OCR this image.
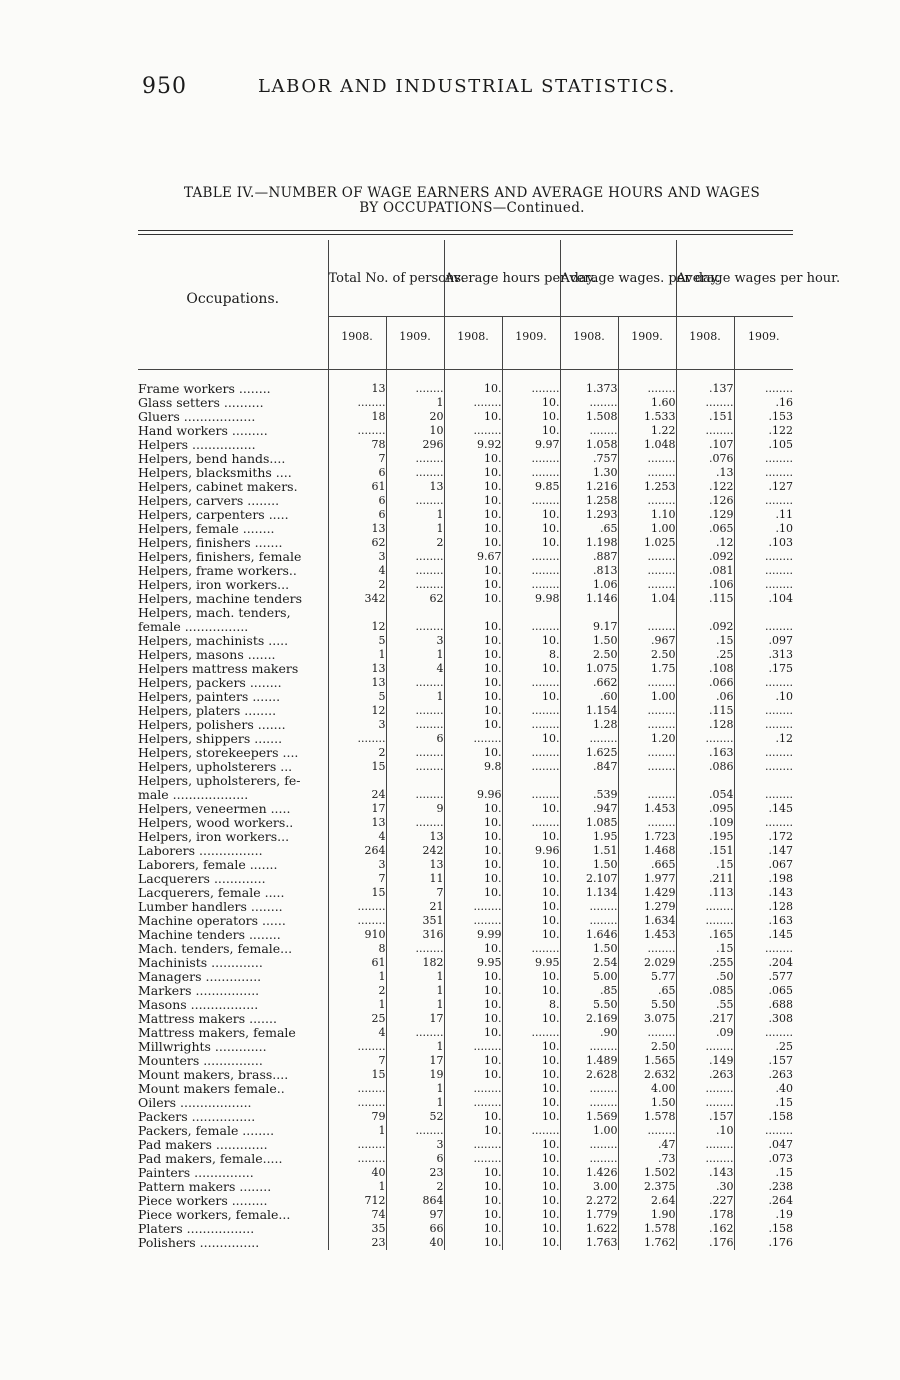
950	LABOR AND INDUSTRIAL STATISTICS.
TABLE IV.—NUMBER OF WAGE EARNERS AND AVERAGE HOURS AND WAGES
BY OCCUPATIONS—Continued.
Occupations.	Total No. of persons.		Average hours per day.		Average wages. per day.		Average wages per hour.	
	1908.	1909.	1908.	1909.	1908.	1909.	1908.	1909.

Frame workers ........	13	........	10.	........	1.373	........	.137	........
Glass setters ..........	........	1	........	10.	........	1.60	........	.16
Gluers ..................	18	20	10.	10.	1.508	1.533	.151	.153
Hand workers .........	........	10	........	10.	........	1.22	........	.122
Helpers ................	78	296	9.92	9.97	1.058	1.048	.107	.105
Helpers, bend hands....	7	........	10.	........	.757	........	.076	........
Helpers, blacksmiths ....	6	........	10.	........	1.30	........	.13	........
Helpers, cabinet makers.	61	13	10.	9.85	1.216	1.253	.122	.127
Helpers, carvers ........	6	........	10.	........	1.258	........	.126	........
Helpers, carpenters .....	6	1	10.	10.	1.293	1.10	.129	.11
Helpers, female ........	13	1	10.	10.	.65	1.00	.065	.10
Helpers, finishers .......	62	2	10.	10.	1.198	1.025	.12	.103
Helpers, finishers, female	3	........	9.67	........	.887	........	.092	........
Helpers, frame workers..	4	........	10.	........	.813	........	.081	........
Helpers, iron workers...	2	........	10.	........	1.06	........	.106	........
Helpers, machine tenders	342	62	10.	9.98	1.146	1.04	.115	.104
Helpers, mach. tenders,								
female ................	12	........	10.	........	9.17	........	.092	........
Helpers, machinists .....	5	3	10.	10.	1.50	.967	.15	.097
Helpers, masons .......	1	1	10.	8.	2.50	2.50	.25	.313
Helpers mattress makers	13	4	10.	10.	1.075	1.75	.108	.175
Helpers, packers ........	13	........	10.	........	.662	........	.066	........
Helpers, painters .......	5	1	10.	10.	.60	1.00	.06	.10
Helpers, platers ........	12	........	10.	........	1.154	........	.115	........
Helpers, polishers .......	3	........	10.	........	1.28	........	.128	........
Helpers, shippers .......	........	6	........	10.	........	1.20	........	.12
Helpers, storekeepers ....	2	........	10.	........	1.625	........	.163	........
Helpers, upholsterers ...	15	........	9.8	........	.847	........	.086	........
Helpers, upholsterers, fe-								
male ...................	24	........	9.96	........	.539	........	.054	........
Helpers, veneermen .....	17	9	10.	10.	.947	1.453	.095	.145
Helpers, wood workers..	13	........	10.	........	1.085	........	.109	........
Helpers, iron workers...	4	13	10.	10.	1.95	1.723	.195	.172
Laborers ................	264	242	10.	9.96	1.51	1.468	.151	.147
Laborers, female .......	3	13	10.	10.	1.50	.665	.15	.067
Lacquerers .............	7	11	10.	10.	2.107	1.977	.211	.198
Lacquerers, female .....	15	7	10.	10.	1.134	1.429	.113	.143
Lumber handlers ........	........	21	........	10.	........	1.279	........	.128
Machine operators ......	........	351	........	10.	........	1.634	........	.163
Machine tenders ........	910	316	9.99	10.	1.646	1.453	.165	.145
Mach. tenders, female...	8	........	10.	........	1.50	........	.15	........
Machinists .............	61	182	9.95	9.95	2.54	2.029	.255	.204
Managers ..............	1	1	10.	10.	5.00	5.77	.50	.577
Markers ................	2	1	10.	10.	.85	.65	.085	.065
Masons .................	1	1	10.	8.	5.50	5.50	.55	.688
Mattress makers .......	25	17	10.	10.	2.169	3.075	.217	.308
Mattress makers, female	4	........	10.	........	.90	........	.09	........
Millwrights .............	........	1	........	10.	........	2.50	........	.25
Mounters ...............	7	17	10.	10.	1.489	1.565	.149	.157
Mount makers, brass....	15	19	10.	10.	2.628	2.632	.263	.263
Mount makers female..	........	1	........	10.	........	4.00	........	.40
Oilers ..................	........	1	........	10.	........	1.50	........	.15
Packers ................	79	52	10.	10.	1.569	1.578	.157	.158
Packers, female ........	1	........	10.	........	1.00	........	.10	........
Pad makers .............	........	3	........	10.	........	.47	........	.047
Pad makers, female.....	........	6	........	10.	........	.73	........	.073
Painters ...............	40	23	10.	10.	1.426	1.502	.143	.15
Pattern makers ........	1	2	10.	10.	3.00	2.375	.30	.238
Piece workers .........	712	864	10.	10.	2.272	2.64	.227	.264
Piece workers, female...	74	97	10.	10.	1.779	1.90	.178	.19
Platers .................	35	66	10.	10.	1.622	1.578	.162	.158
Polishers ...............	23	40	10.	10.	1.763	1.762	.176	.176
